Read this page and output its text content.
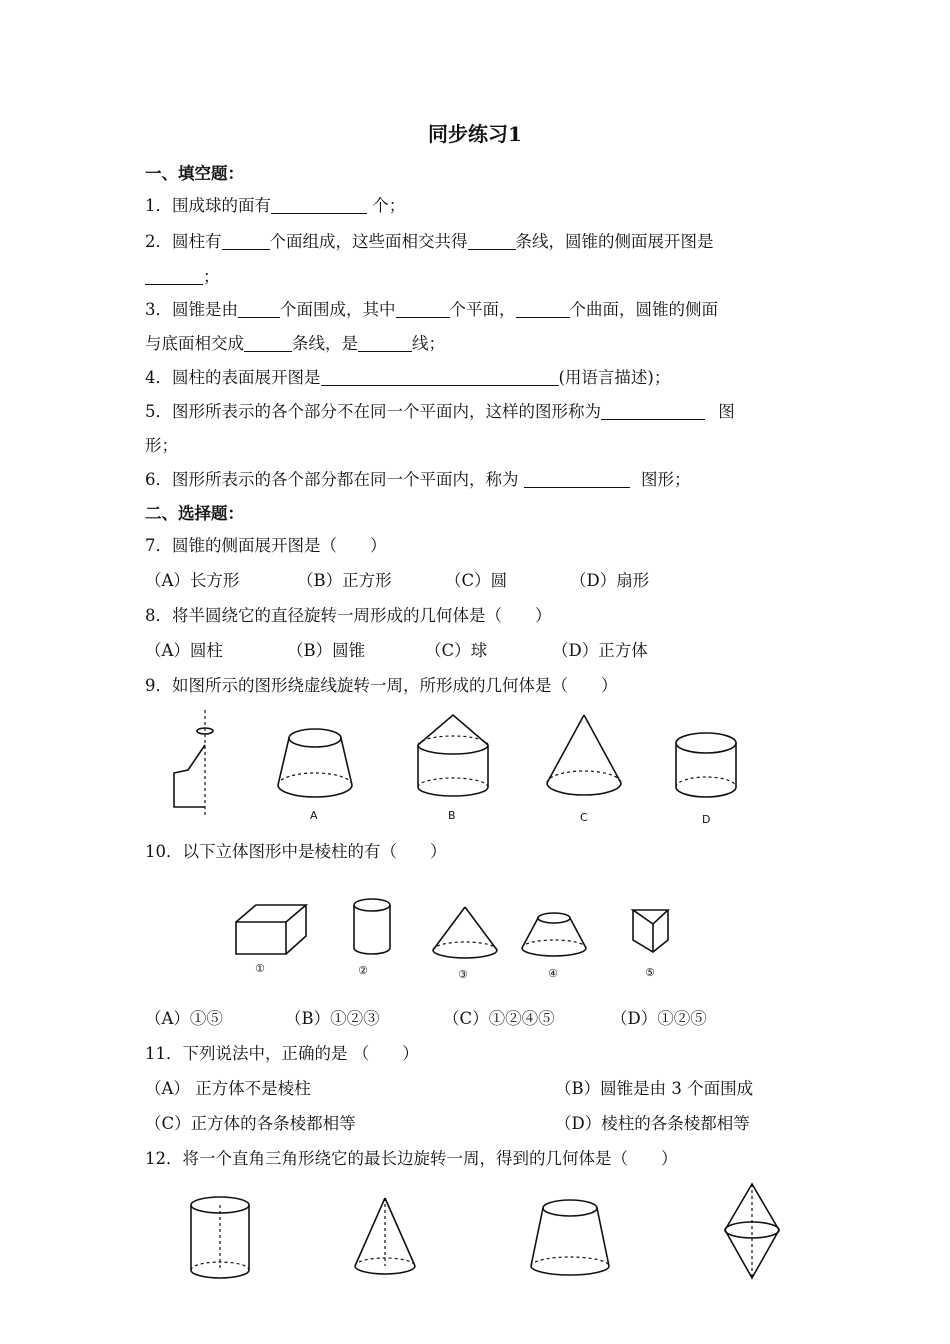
同步练习1
一、填空题：
1．围成球的面有	个；
2．圆柱有	个面组成，这些面相交共得	条线，圆锥的侧面展开图是
；
3．圆锥是由	个面围成，其中	个平面，	个曲面，圆锥的侧面
与底面相交成	条线，是	线；
4．圆柱的表面展开图是	(用语言描述)；
5．图形所表示的各个部分不在同一个平面内，这样的图形称为	图
形；
6．图形所表示的各个部分都在同一个平面内，称为	图形；
二、选择题：
7．圆锥的侧面展开图是（　　）
（A）长方形	（B）正方形	（C）圆	（D）扇形
8．将半圆绕它的直径旋转一周形成的几何体是（　　）
（A）圆柱	（B）圆锥	（C）球	（D）正方体
9．如图所示的图形绕虚线旋转一周，所形成的几何体是（　　）
A	B	C	D
10．以下立体图形中是棱柱的有（　　）
①	②	③	④	⑤
（A）①⑤	（B）①②③	（C）①②④⑤	（D）①②⑤
11．下列说法中，正确的是 （　　）
（A） 正方体不是棱柱	（B）圆锥是由 3 个面围成
（C）正方体的各条棱都相等	（D）棱柱的各条棱都相等
12．将一个直角三角形绕它的最长边旋转一周，得到的几何体是（　　）
